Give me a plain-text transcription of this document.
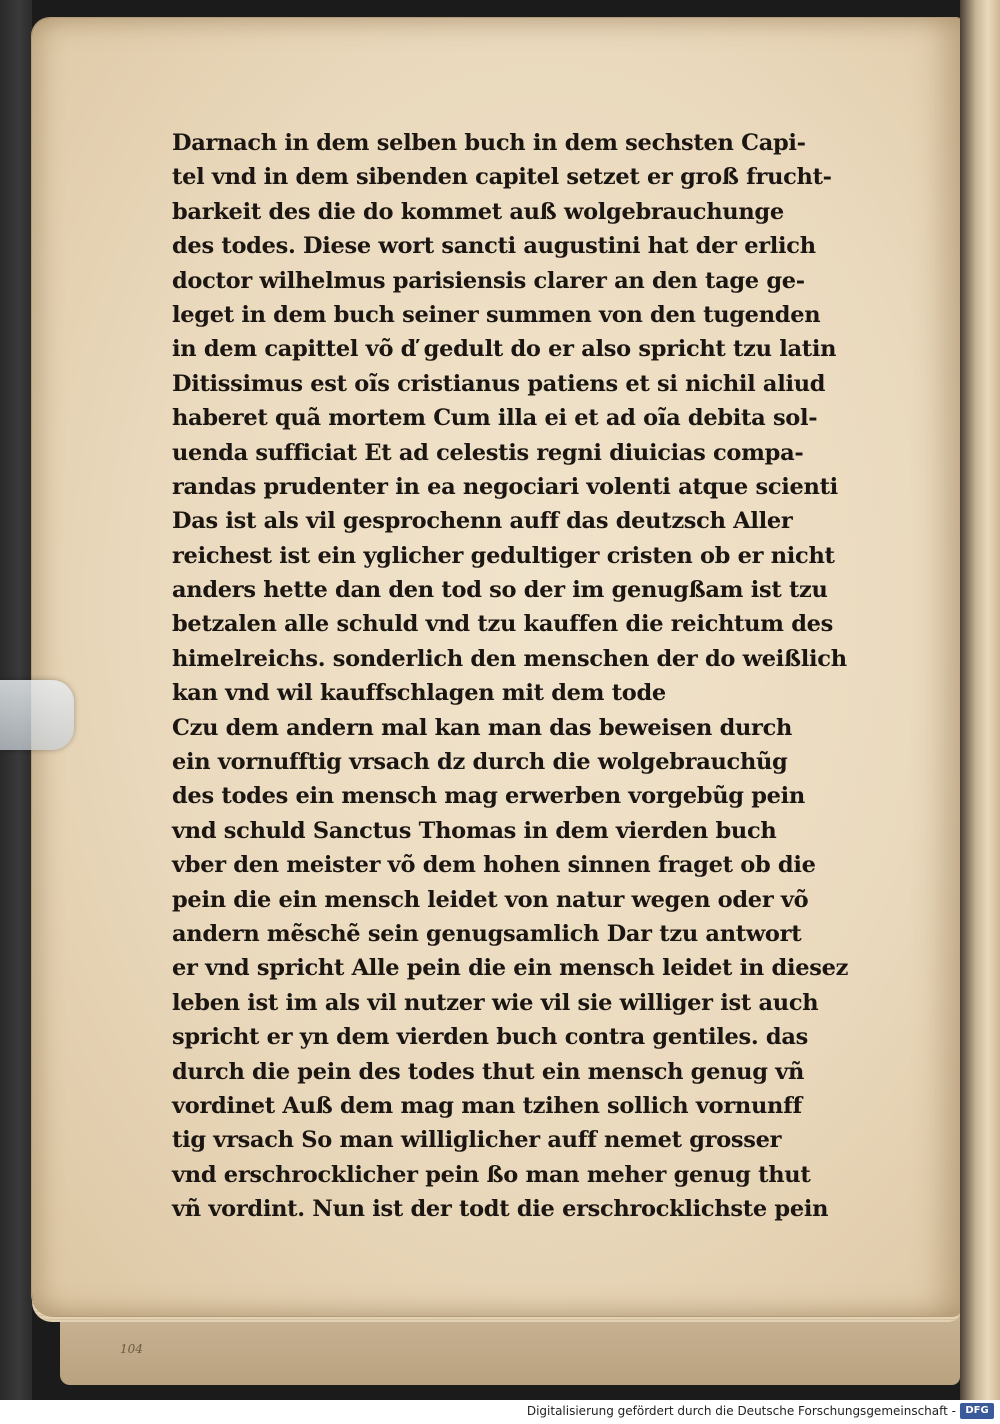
104
Darnach in dem selben buch in dem sechsten Capi-
tel vnd in dem sibenden capitel setzet er groß frucht-
barkeit des die do kommet auß wolgebrauchunge
des todes. Diese wort sancti augustini hat der erlich
doctor wilhelmus parisiensis clarer an den tage ge-
leget in dem buch seiner summen von den tugenden
in dem capittel võ ď gedult do er also spricht tzu latin
Ditissimus est oĩs cristianus patiens et si nichil aliud
haberet quã mortem Cum illa ei et ad oĩa debita sol-
uenda sufficiat Et ad celestis regni diuicias compa-
randas prudenter in ea negociari volenti atque scienti
Das ist als vil gesprochenn auff das deutzsch Aller
reichest ist ein yglicher gedultiger cristen ob er nicht
anders hette dan den tod so der im genugßam ist tzu
betzalen alle schuld vnd tzu kauffen die reichtum des
himelreichs. sonderlich den menschen der do weißlich
kan vnd wil kauffschlagen mit dem tode
Czu dem andern mal kan man das beweisen durch
ein vornufftig vrsach dz durch die wolgebrauchũg
des todes ein mensch mag erwerben vorgebũg pein
vnd schuld Sanctus Thomas in dem vierden buch
vber den meister võ dem hohen sinnen fraget ob die
pein die ein mensch leidet von natur wegen oder võ
andern mẽschẽ sein genugsamlich Dar tzu antwort
er vnd spricht Alle pein die ein mensch leidet in diesez
leben ist im als vil nutzer wie vil sie williger ist auch
spricht er yn dem vierden buch contra gentiles. das
durch die pein des todes thut ein mensch genug vñ
vordinet Auß dem mag man tzihen sollich vornunff
tig vrsach So man williglicher auff nemet grosser
vnd erschrocklicher pein ßo man meher genug thut
vñ vordint. Nun ist der todt die erschrocklichste pein
Digitalisierung gefördert durch die Deutsche Forschungsgemeinschaft - DFG
